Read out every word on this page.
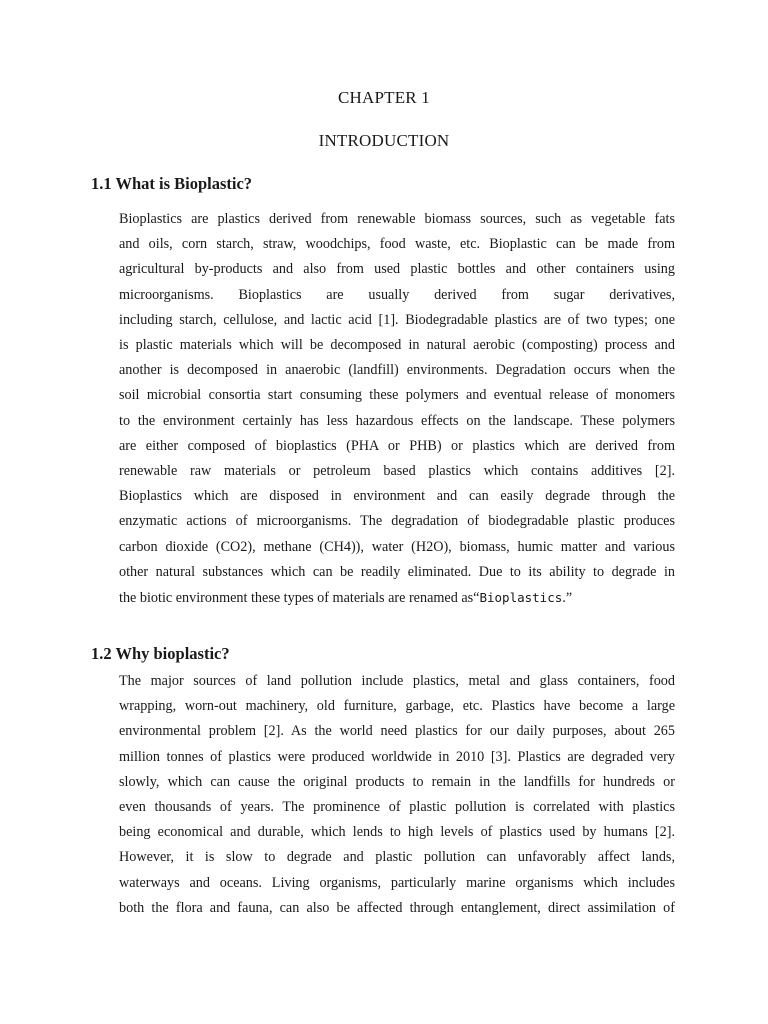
CHAPTER 1
INTRODUCTION
1.1 What is Bioplastic?

Bioplastics are plastics derived from renewable biomass sources, such as vegetable fats
and oils, corn starch, straw, woodchips, food waste, etc. Bioplastic can be made from
agricultural by-products and also from used plastic bottles and other containers using
microorganisms. Bioplastics are usually derived from sugar derivatives,
including starch, cellulose, and lactic acid [1]. Biodegradable plastics are of two types; one
is plastic materials which will be decomposed in natural aerobic (composting) process and
another is decomposed in anaerobic (landfill) environments. Degradation occurs when the
soil microbial consortia start consuming these polymers and eventual release of monomers
to the environment certainly has less hazardous effects on the landscape. These polymers
are either composed of bioplastics (PHA or PHB) or plastics which are derived from
renewable raw materials or petroleum based plastics which contains additives [2].
Bioplastics which are disposed in environment and can easily degrade through the
enzymatic actions of microorganisms. The degradation of biodegradable plastic produces
carbon dioxide (CO2), methane (CH4)), water (H2O), biomass, humic matter and various
other natural substances which can be readily eliminated. Due to its ability to degrade in
the biotic environment these types of materials are renamed as“Bioplastics.”

1.2 Why bioplastic?

The major sources of land pollution include plastics, metal and glass containers, food
wrapping, worn-out machinery, old furniture, garbage, etc. Plastics have become a large
environmental problem [2]. As the world need plastics for our daily purposes, about 265
million tonnes of plastics were produced worldwide in 2010 [3]. Plastics are degraded very
slowly, which can cause the original products to remain in the landfills for hundreds or
even thousands of years. The prominence of plastic pollution is correlated with plastics
being economical and durable, which lends to high levels of plastics used by humans [2].
However, it is slow to degrade and plastic pollution can unfavorably affect lands,
waterways and oceans. Living organisms, particularly marine organisms which includes
both the flora and fauna, can also be affected through entanglement, direct assimilation of
